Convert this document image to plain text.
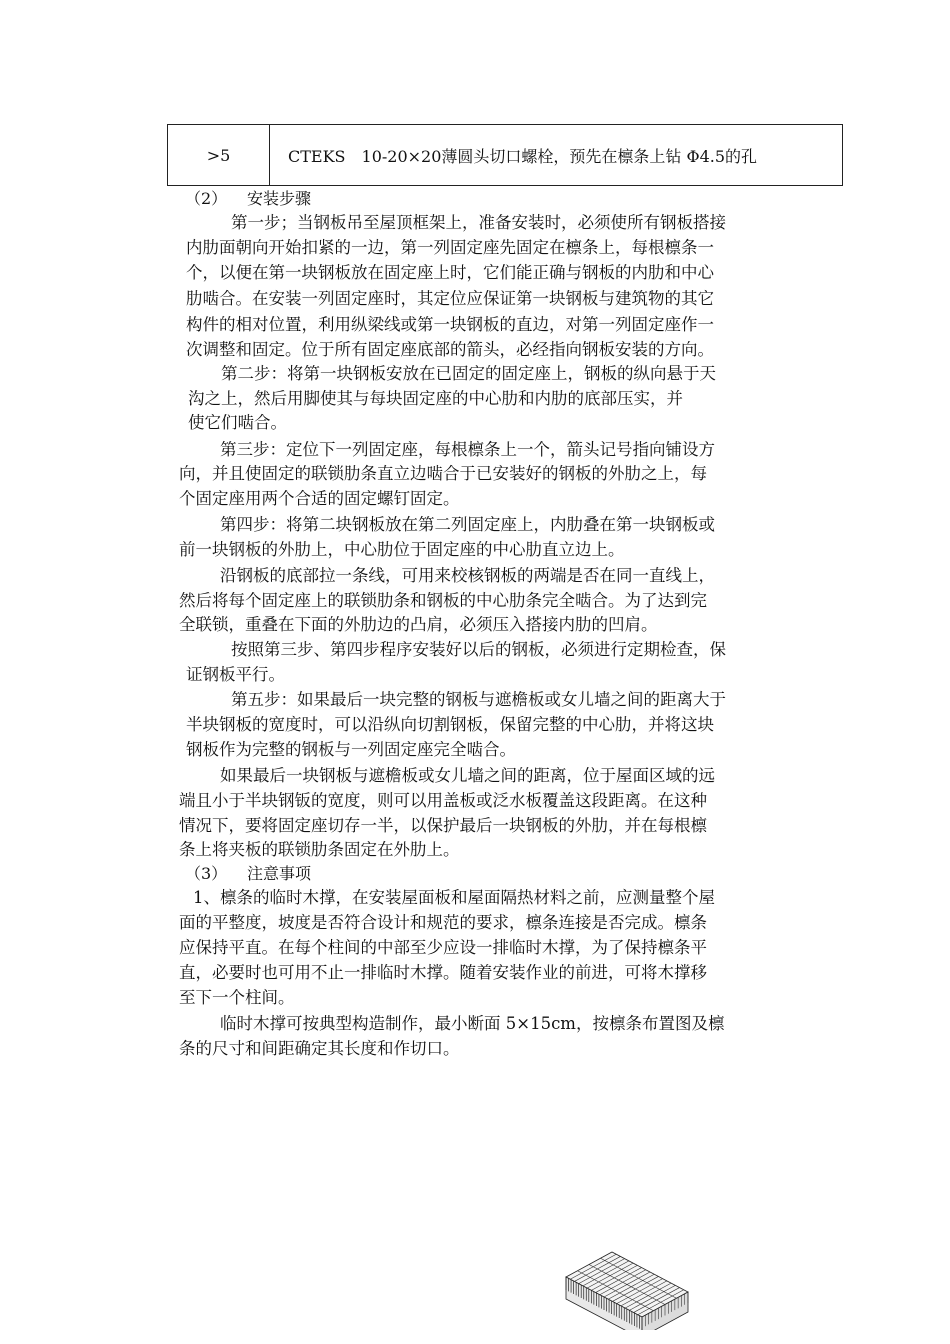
>5	CTEKS　10-20×20薄圆头切口螺栓，预先在檩条上钻 Φ4.5的孔
（2） 安装步骤

第一步；当钢板吊至屋顶框架上，准备安装时，必须使所有钢板搭接

内肋面朝向开始扣紧的一边，第一列固定座先固定在檩条上，每根檩条一

个，以便在第一块钢板放在固定座上时，它们能正确与钢板的内肋和中心

肋啮合。在安装一列固定座时，其定位应保证第一块钢板与建筑物的其它

构件的相对位置，利用纵梁线或第一块钢板的直边，对第一列固定座作一

次调整和固定。位于所有固定座底部的箭头，必经指向钢板安装的方向。

第二步：将第一块钢板安放在已固定的固定座上，钢板的纵向悬于天

沟之上，然后用脚使其与每块固定座的中心肋和内肋的底部压实，并

使它们啮合。

第三步：定位下一列固定座，每根檩条上一个，箭头记号指向铺设方

向，并且使固定的联锁肋条直立边啮合于已安装好的钢板的外肋之上，每

个固定座用两个合适的固定螺钉固定。

第四步：将第二块钢板放在第二列固定座上，内肋叠在第一块钢板或

前一块钢板的外肋上，中心肋位于固定座的中心肋直立边上。

沿钢板的底部拉一条线，可用来校核钢板的两端是否在同一直线上，

然后将每个固定座上的联锁肋条和钢板的中心肋条完全啮合。为了达到完

全联锁，重叠在下面的外肋边的凸肩，必须压入搭接内肋的凹肩。

按照第三步、第四步程序安装好以后的钢板，必须进行定期检查，保

证钢板平行。

第五步：如果最后一块完整的钢板与遮檐板或女儿墙之间的距离大于

半块钢板的宽度时，可以沿纵向切割钢板，保留完整的中心肋，并将这块

钢板作为完整的钢板与一列固定座完全啮合。

如果最后一块钢板与遮檐板或女儿墙之间的距离，位于屋面区域的远

端且小于半块钢钣的宽度，则可以用盖板或泛水板覆盖这段距离。在这种

情况下，要将固定座切存一半，以保护最后一块钢板的外肋，并在每根檩

条上将夹板的联锁肋条固定在外肋上。

（3） 注意事项

1、檩条的临时木撑，在安装屋面板和屋面隔热材料之前，应测量整个屋

面的平整度，坡度是否符合设计和规范的要求，檩条连接是否完成。檩条

应保持平直。在每个柱间的中部至少应设一排临时木撑，为了保持檩条平

直，必要时也可用不止一排临时木撑。随着安装作业的前进，可将木撑移

至下一个柱间。

临时木撑可按典型构造制作，最小断面 5×15cm，按檩条布置图及檩

条的尺寸和间距确定其长度和作切口。
